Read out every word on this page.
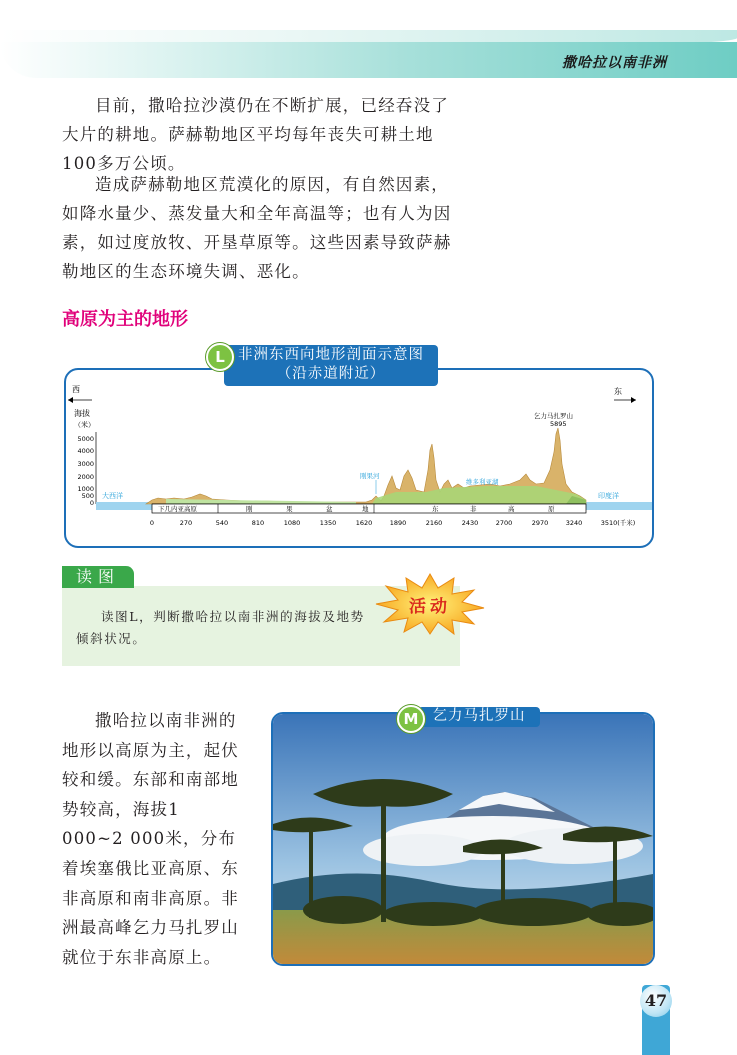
撒哈拉以南非洲

目前，撒哈拉沙漠仍在不断扩展，已经吞没了大片的耕地。萨赫勒地区平均每年丧失可耕土地100多万公顷。

造成萨赫勒地区荒漠化的原因，有自然因素，如降水量少、蒸发量大和全年高温等；也有人为因素，如过度放牧、开垦草原等。这些因素导致萨赫勒地区的生态环境失调、恶化。

高原为主的地形
非洲东西向地形剖面示意图
（沿赤道附近）
L
西	东
海拔
（米）
5000
4000
3000
2000
1000
500
0
大西洋	印度洋
下几内亚高原	刚	果	盆	地	东	非	高	原
刚果河
维多利亚湖
乞力马扎罗山
5895
0	270	540	810	1080	1350	1620	1890	2160	2430	2700	2970	3240	3510(千米)
读图

读图L，判断撒哈拉以南非洲的海拔及地势倾斜状况。

活动

撒哈拉以南非洲的地形以高原为主，起伏较和缓。东部和南部地势较高，海拔1 000~2 000米，分布着埃塞俄比亚高原、东非高原和南非高原。非洲最高峰乞力马扎罗山就位于东非高原上。

乞力马扎罗山
M
47
